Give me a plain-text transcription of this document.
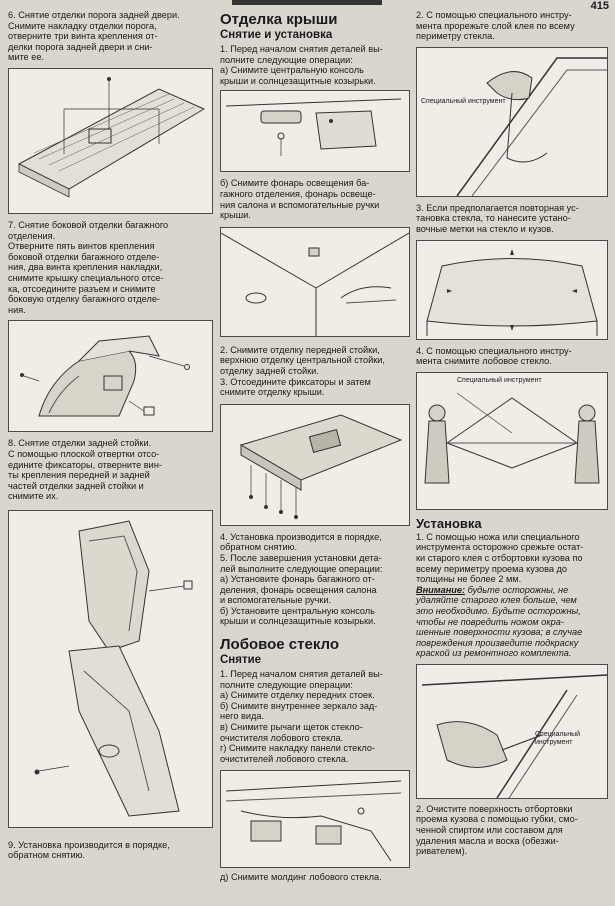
415

6. Снятие отделки порога задней двери.
Снимите накладку отделки порога,
отверните три винта крепления от-
делки порога задней двери и сни-
мите ее.

7. Снятие боковой отделки багажного
отделения.
Отверните пять винтов крепления
боковой отделки багажного отделе-
ния, два винта крепления накладки,
снимите крышку специального отсе-
ка, отсоедините разъем и снимите
боковую отделку багажного отделе-
ния.

8. Снятие отделки задней стойки.
С помощью плоской отвертки отсо-
едините фиксаторы, отверните вин-
ты крепления передней и задней
частей отделки задней стойки и
снимите их.

9. Установка производится в порядке,
обратном снятию.

Отделка крыши
Снятие и установка

1. Перед началом снятия деталей вы-
полните следующие операции:
а) Снимите центральную консоль
крыши и солнцезащитные козырьки.

б) Снимите фонарь освещения ба-
гажного отделения, фонарь освеще-
ния салона и вспомогательные ручки
крыши.

2. Снимите отделку передней стойки,
верхнюю отделку центральной стойки,
отделку задней стойки.
3. Отсоедините фиксаторы и затем
снимите отделку крыши.

4. Установка производится в порядке,
обратном снятию.
5. После завершения установки дета-
лей выполните следующие операции:
а) Установите фонарь багажного от-
деления, фонарь освещения салона
и вспомогательные ручки.
б) Установите центральную консоль
крыши и солнцезащитные козырьки.

Лобовое стекло
Снятие

1. Перед началом снятия деталей вы-
полните следующие операции:
а) Снимите отделку передних стоек.
б) Снимите внутреннее зеркало зад-
него вида.
в) Снимите рычаги щеток стекло-
очистителя лобового стекла.
г) Снимите накладку панели стекло-
очистителей лобового стекла.

д) Снимите молдинг лобового стекла.

2. С помощью специального инстру-
мента прорежьте слой клея по всему
периметру стекла.

Специальный инструмент

3. Если предполагается повторная ус-
тановка стекла, то нанесите устано-
вочные метки на стекло и кузов.

4. С помощью специального инстру-
мента снимите лобовое стекло.

Специальный инструмент
Установка

1. С помощью ножа или специального
инструмента осторожно срежьте остат-
ки старого клея с отбортовки кузова по
всему периметру проема кузова до
толщины не более 2 мм.

Внимание: будьте осторожны, не
удаляйте старого клея больше, чем
это необходимо. Будьте осторожны,
чтобы не повредить ножом окра-
шенные поверхности кузова; в случае
повреждения произведите подкраску
краской из ремонтного комплекта.

Специальный инструмент

2. Очистите поверхность отбортовки
проема кузова с помощью губки, смо-
ченной спиртом или составом для
удаления масла и воска (обезжи-
ривателем).
